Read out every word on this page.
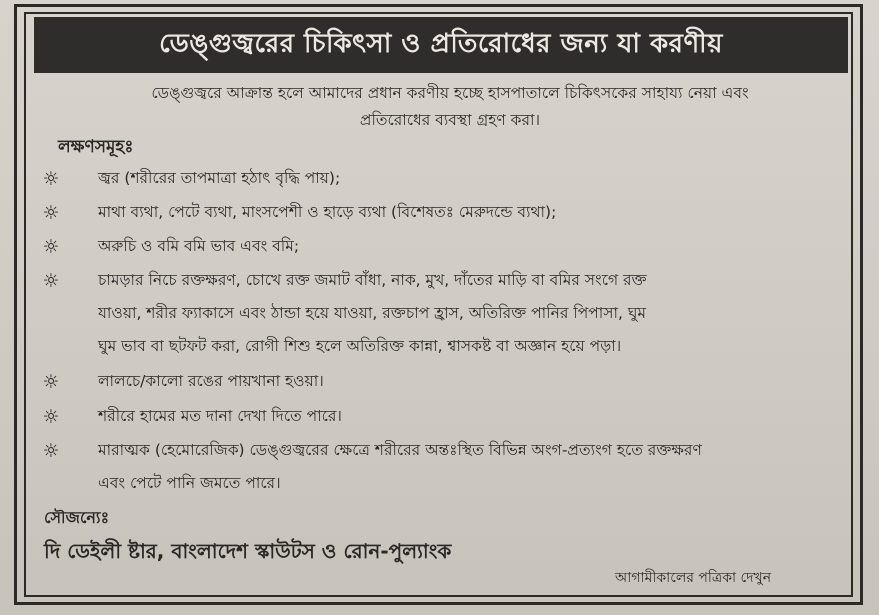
ডেঙ্গুজ্বরের চিকিৎসা ও প্রতিরোধের জন্য যা করণীয়
ডেঙ্গুজ্বরে আক্রান্ত হলে আমাদের প্রধান করণীয় হচ্ছে হাসপাতালে চিকিৎসকের সাহায্য নেয়া এবং
প্রতিরোধের ব্যবস্থা গ্রহণ করা।
লক্ষণসমূহঃ
☼ জ্বর (শরীরের তাপমাত্রা হঠাৎ বৃদ্ধি পায়);
☼ মাথা ব্যথা, পেটে ব্যথা, মাংসপেশী ও হাড়ে ব্যথা (বিশেষতঃ মেরুদন্ডে ব্যথা);
☼ অরুচি ও বমি বমি ভাব এবং বমি;
☼ চামড়ার নিচে রক্তক্ষরণ, চোখে রক্ত জমাট বাঁধা, নাক, মুখ, দাঁতের মাড়ি বা বমির সংগে রক্ত
যাওয়া, শরীর ফ্যাকাসে এবং ঠান্ডা হয়ে যাওয়া, রক্তচাপ হ্রাস, অতিরিক্ত পানির পিপাসা, ঘুম
ঘুম ভাব বা ছটফট করা, রোগী শিশু হলে অতিরিক্ত কান্না, শ্বাসকষ্ট বা অজ্ঞান হয়ে পড়া।
☼ লালচে/কালো রঙের পায়খানা হওয়া।
☼ শরীরে হামের মত দানা দেখা দিতে পারে।
☼ মারাত্মক (হেমোরেজিক) ডেঙ্গুজ্বরের ক্ষেত্রে শরীরের অন্তঃস্থিত বিভিন্ন অংগ-প্রত্যংগ হতে রক্তক্ষরণ
এবং পেটে পানি জমতে পারে।
সৌজন্যেঃ
দি ডেইলী ষ্টার, বাংলাদেশ স্কাউটস ও রোন-পুল্যাংক
আগামীকালের পত্রিকা দেখুন
